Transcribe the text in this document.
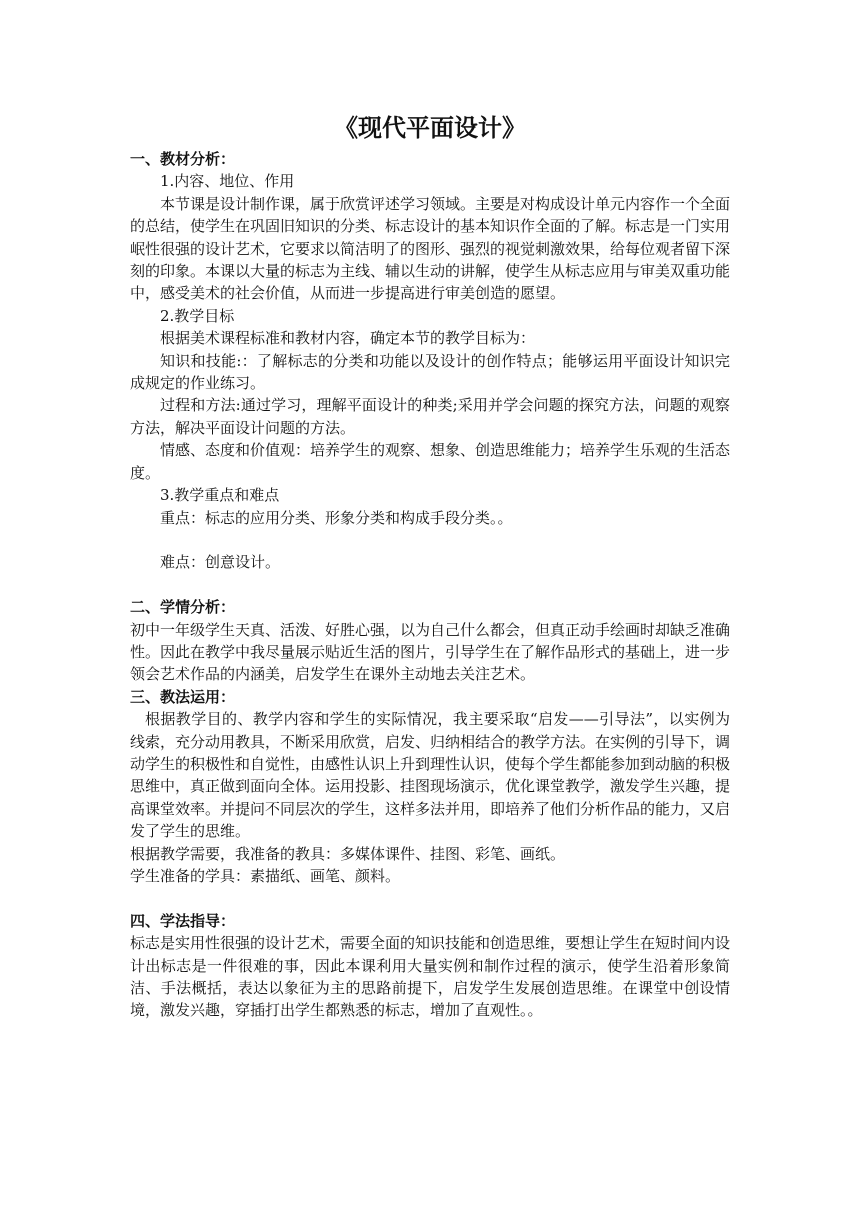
《现代平面设计》

一、教材分析：

1.内容、地位、作用

本节课是设计制作课，属于欣赏评述学习领域。主要是对构成设计单元内容作一个全面的总结，使学生在巩固旧知识的分类、标志设计的基本知识作全面的了解。标志是一门实用岷性很强的设计艺术，它要求以简洁明了的图形、强烈的视觉刺激效果，给每位观者留下深刻的印象。本课以大量的标志为主线、辅以生动的讲解，使学生从标志应用与审美双重功能中，感受美术的社会价值，从而进一步提高进行审美创造的愿望。

2.教学目标

根据美术课程标准和教材内容，确定本节的教学目标为：

知识和技能:：了解标志的分类和功能以及设计的创作特点；能够运用平面设计知识完成规定的作业练习。

过程和方法:通过学习，理解平面设计的种类;采用并学会问题的探究方法，问题的观察方法，解决平面设计问题的方法。

情感、态度和价值观：培养学生的观察、想象、创造思维能力；培养学生乐观的生活态度。

3.教学重点和难点

重点：标志的应用分类、形象分类和构成手段分类。。

难点：创意设计。

二、学情分析：

初中一年级学生天真、活泼、好胜心强，以为自己什么都会，但真正动手绘画时却缺乏准确性。因此在教学中我尽量展示贴近生活的图片，引导学生在了解作品形式的基础上，进一步领会艺术作品的内涵美，启发学生在课外主动地去关注艺术。

三、教法运用：

根据教学目的、教学内容和学生的实际情况，我主要采取“启发——引导法”，以实例为线索，充分动用教具，不断采用欣赏，启发、归纳相结合的教学方法。在实例的引导下，调动学生的积极性和自觉性，由感性认识上升到理性认识，使每个学生都能参加到动脑的积极思维中，真正做到面向全体。运用投影、挂图现场演示，优化课堂教学，激发学生兴趣，提高课堂效率。并提问不同层次的学生，这样多法并用，即培养了他们分析作品的能力，又启发了学生的思维。

根据教学需要，我准备的教具：多媒体课件、挂图、彩笔、画纸。

学生准备的学具：素描纸、画笔、颜料。

四、学法指导：

标志是实用性很强的设计艺术，需要全面的知识技能和创造思维，要想让学生在短时间内设计出标志是一件很难的事，因此本课利用大量实例和制作过程的演示，使学生沿着形象简洁、手法概括，表达以象征为主的思路前提下，启发学生发展创造思维。在课堂中创设情境，激发兴趣，穿插打出学生都熟悉的标志，增加了直观性。。
